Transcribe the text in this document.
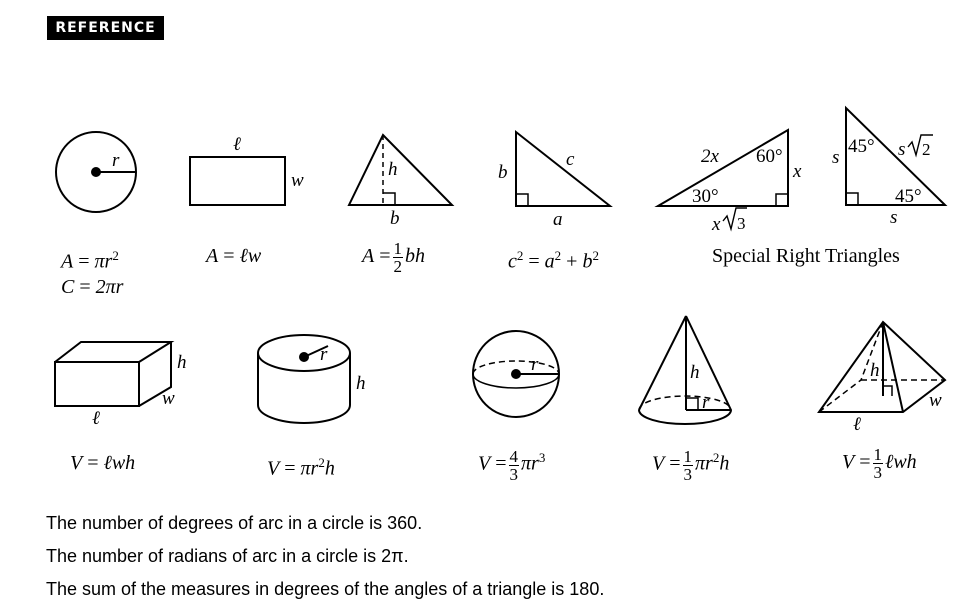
REFERENCE
r
ℓ
w
h
b
b
c
a
2x 60°
x
30°
x 3
s
45° s 2
45°
s
h
w
ℓ
r
h
r	h
r
h
w
ℓ
$A = \pi r^2$
C = 2πr
A = ℓw	$A = \frac{1}{2}$ bh	$c^2 = a^2 + b^2$	Special Right Triangles
V = ℓwh	$V = \pi r^2h$	$V = \frac{4}{3} \pi r^3$	$V = \frac{1}{3} \pi r^2h$	$V = \frac{1}{3}$ ℓwh
The number of degrees of arc in a circle is 360.
The number of radians of arc in a circle is 2π.
The sum of the measures in degrees of the angles of a triangle is 180.
